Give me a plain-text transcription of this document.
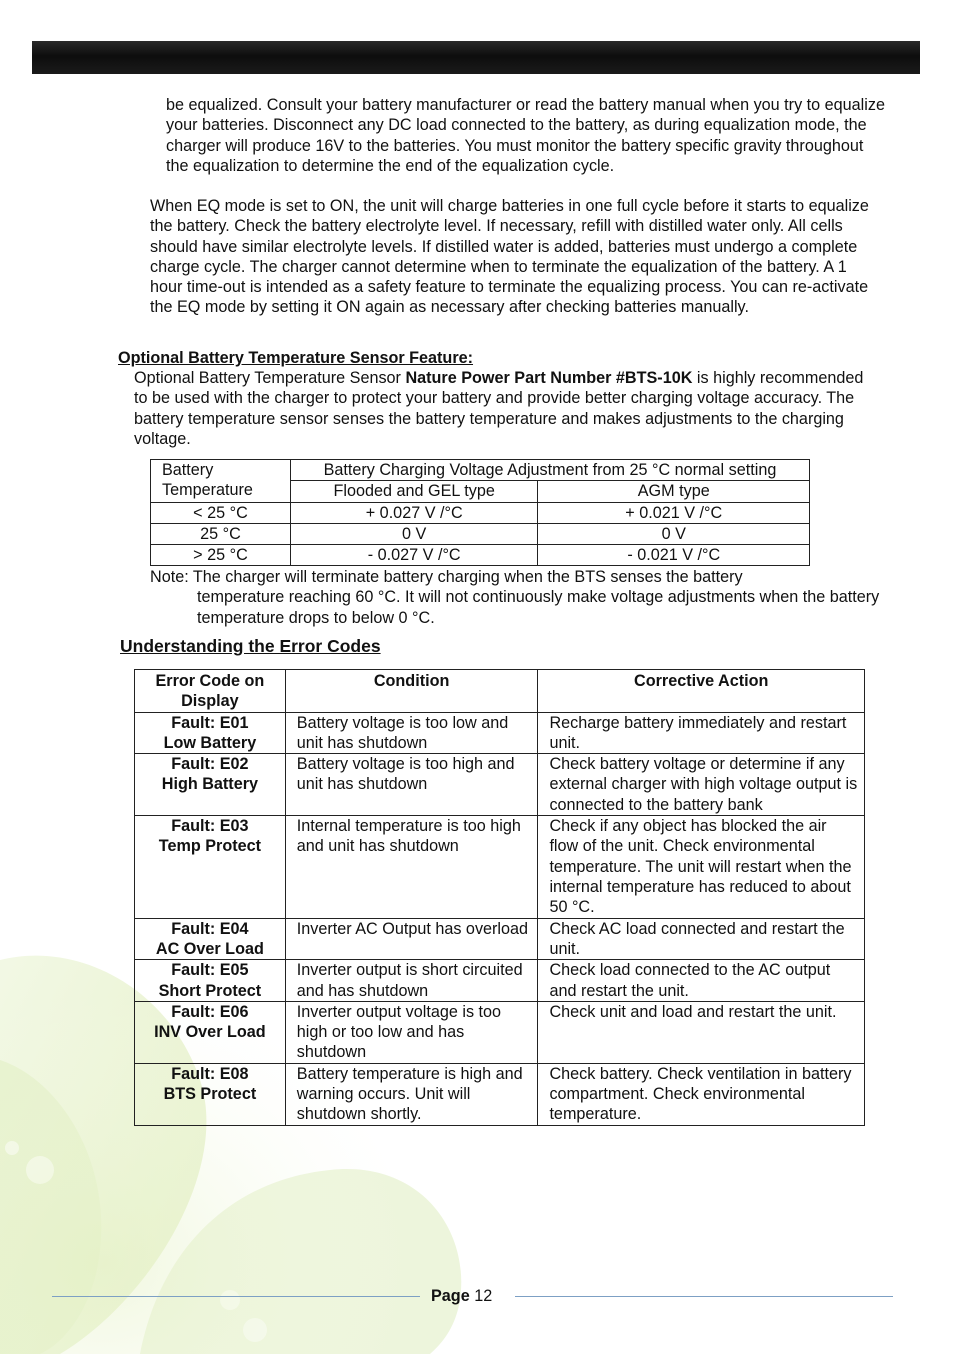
be equalized. Consult your battery manufacturer or read the battery manual when you try to equalize your batteries. Disconnect any DC load connected to the battery, as during equalization mode, the charger will produce 16V to the batteries. You must monitor the battery specific gravity throughout the equalization to determine the end of the equalization cycle.
When EQ mode is set to ON, the unit will charge batteries in one full cycle before it starts to equalize the battery. Check the battery electrolyte level. If necessary, refill with distilled water only. All cells should have similar electrolyte levels. If distilled water is added, batteries must undergo a complete charge cycle. The charger cannot determine when to terminate the equalization of the battery. A 1 hour time-out is intended as a safety feature to terminate the equalizing process. You can re-activate the EQ mode by setting it ON again as necessary after checking batteries manually.
Optional Battery Temperature Sensor Feature:
Optional Battery Temperature Sensor Nature Power Part Number #BTS-10K is highly recommended to be used with the charger to protect your battery and provide better charging voltage accuracy. The battery temperature sensor senses the battery temperature and makes adjustments to the charging voltage.
Battery Temperature	Battery Charging Voltage Adjustment from 25 °C normal setting	
	Flooded and GEL type	AGM type
< 25 °C	+ 0.027 V /°C	+ 0.021 V /°C
25 °C	0 V	0 V
> 25 °C	- 0.027 V /°C	- 0.021 V /°C
Note: The charger will terminate battery charging when the BTS senses the battery
temperature reaching 60 °C. It will not continuously make voltage adjustments when the battery temperature drops to below 0 °C.
Understanding the Error Codes
Error Code on Display	Condition	Corrective Action

Fault: E01
Low Battery	Battery voltage is too low and unit has shutdown	Recharge battery immediately and restart unit.

Fault: E02
High Battery	Battery voltage is too high and unit has shutdown	Check battery voltage or determine if any external charger with high voltage output is connected to the battery bank

Fault: E03
Temp Protect	Internal temperature is too high and unit has shutdown	Check if any object has blocked the air flow of the unit. Check environmental temperature. The unit will restart when the internal temperature has reduced to about 50 °C.

Fault: E04
AC Over Load	Inverter AC Output has overload	Check AC load connected and restart the unit.

Fault: E05
Short Protect	Inverter output is short circuited and has shutdown	Check load connected to the AC output and restart the unit.

Fault: E06
INV Over Load	Inverter output voltage is too high or too low and has shutdown	Check unit and load and restart the unit.

Fault: E08
BTS Protect	Battery temperature is high and warning occurs. Unit will shutdown shortly.	Check battery. Check ventilation in battery compartment. Check environmental temperature.
Page 12
